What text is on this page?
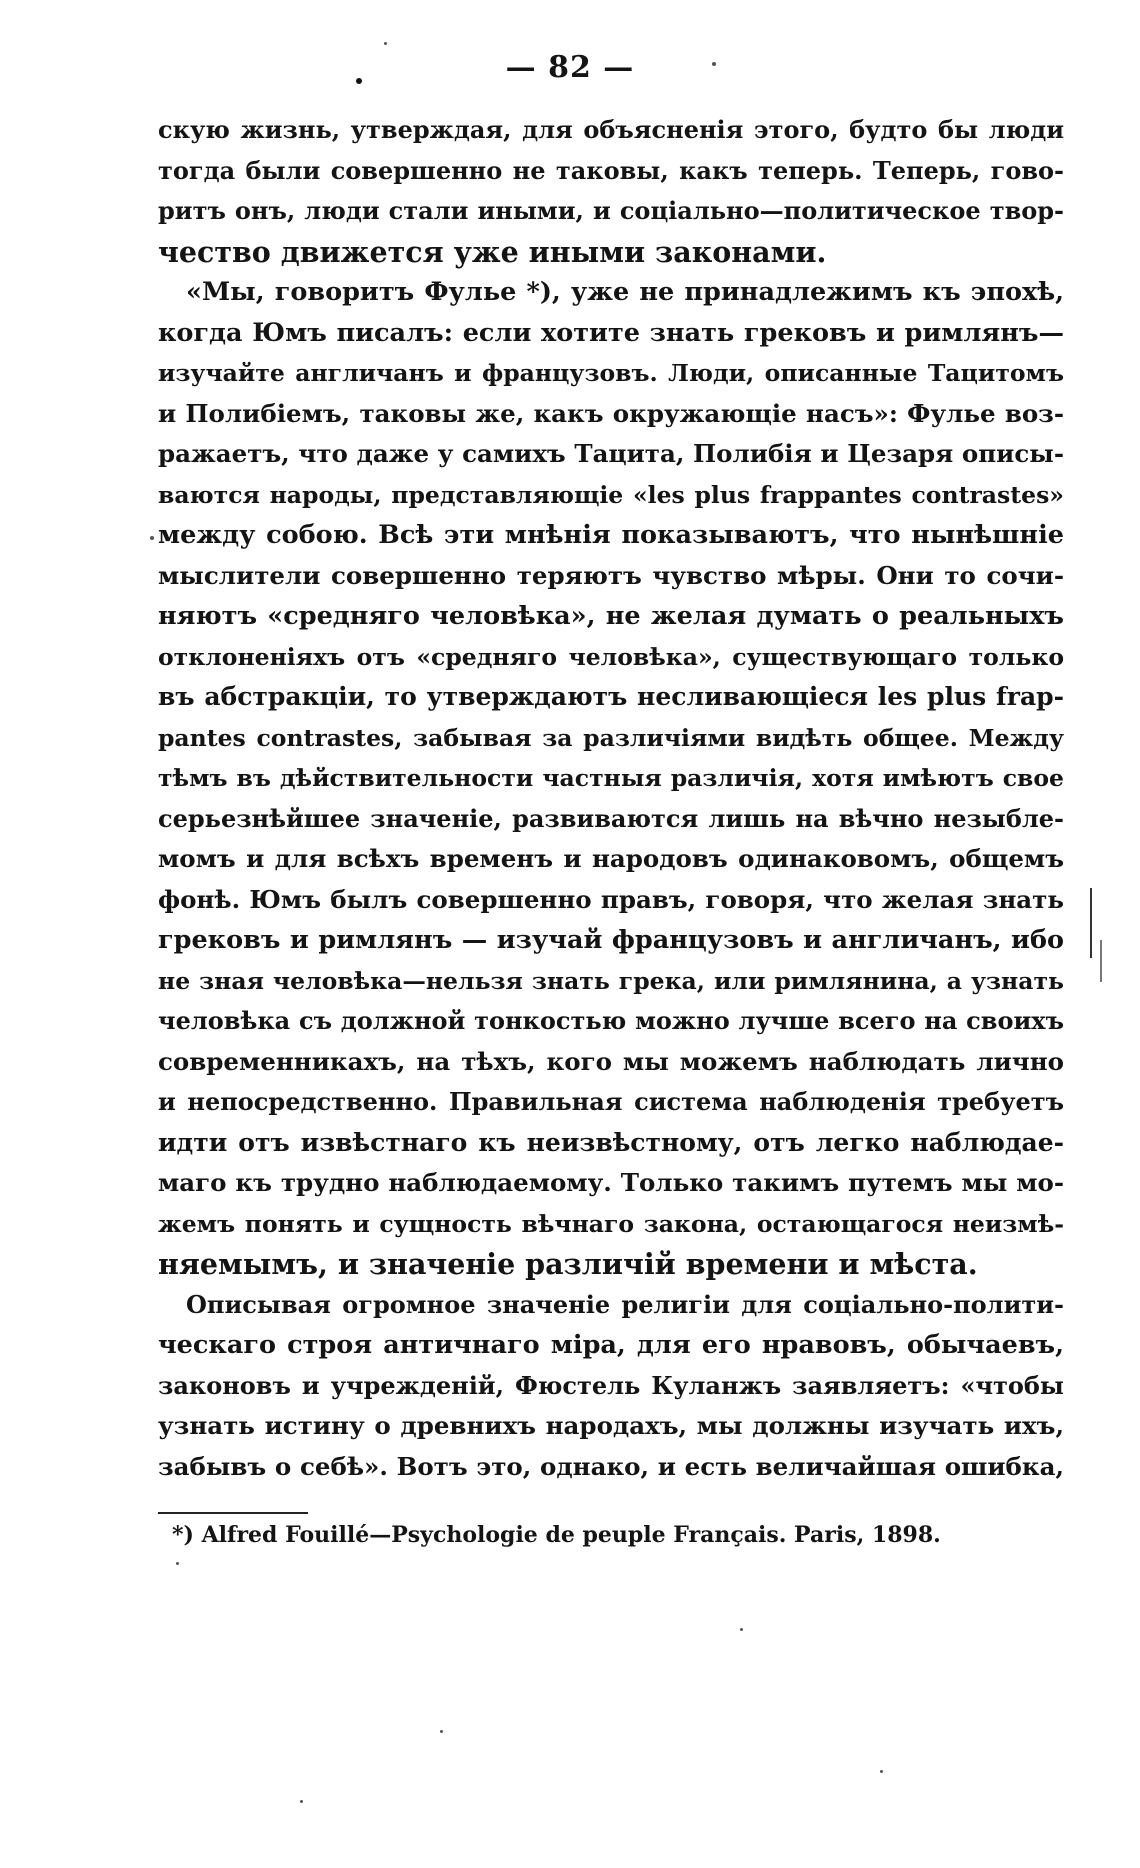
— 82 —
скую жизнь, утверждая, для объясненія этого, будто бы люди
тогда были совершенно не таковы, какъ теперь. Теперь, гово-
ритъ онъ, люди стали иными, и соціально—политическое твор-
чество движется уже иными законами.
«Мы, говоритъ Фулье *), уже не принадлежимъ къ эпохѣ,
когда Юмъ писалъ: если хотите знать грековъ и римлянъ—
изучайте англичанъ и французовъ. Люди, описанные Тацитомъ
и Полибіемъ, таковы же, какъ окружающіе насъ»: Фулье воз-
ражаетъ, что даже у самихъ Тацита, Полибія и Цезаря описы-
ваются народы, представляющіе «les plus frappantes contrastes»
между собою. Всѣ эти мнѣнія показываютъ, что нынѣшніе
мыслители совершенно теряютъ чувство мѣры. Они то сочи-
няютъ «средняго человѣка», не желая думать о реальныхъ
отклоненіяхъ отъ «средняго человѣка», существующаго только
въ абстракціи, то утверждаютъ несливающіеся les plus frap-
pantes contrastes, забывая за различіями видѣть общее. Между
тѣмъ въ дѣйствительности частныя различія, хотя имѣютъ свое
серьезнѣйшее значеніе, развиваются лишь на вѣчно незыбле-
момъ и для всѣхъ временъ и народовъ одинаковомъ, общемъ
фонѣ. Юмъ былъ совершенно правъ, говоря, что желая знать
грековъ и римлянъ — изучай французовъ и англичанъ, ибо
не зная человѣка—нельзя знать грека, или римлянина, а узнать
человѣка съ должной тонкостью можно лучше всего на своихъ
современникахъ, на тѣхъ, кого мы можемъ наблюдать лично
и непосредственно. Правильная система наблюденія требуетъ
идти отъ извѣстнаго къ неизвѣстному, отъ легко наблюдае-
маго къ трудно наблюдаемому. Только такимъ путемъ мы мо-
жемъ понять и сущность вѣчнаго закона, остающагося неизмѣ-
няемымъ, и значеніе различій времени и мѣста.
Описывая огромное значеніе религіи для соціально-полити-
ческаго строя античнаго міра, для его нравовъ, обычаевъ,
законовъ и учрежденій, Фюстель Куланжъ заявляетъ: «чтобы
узнать истину о древнихъ народахъ, мы должны изучать ихъ,
забывъ о себѣ». Вотъ это, однако, и есть величайшая ошибка,
*) Alfred Fouillé—Psychologie de peuple Français. Paris, 1898.
